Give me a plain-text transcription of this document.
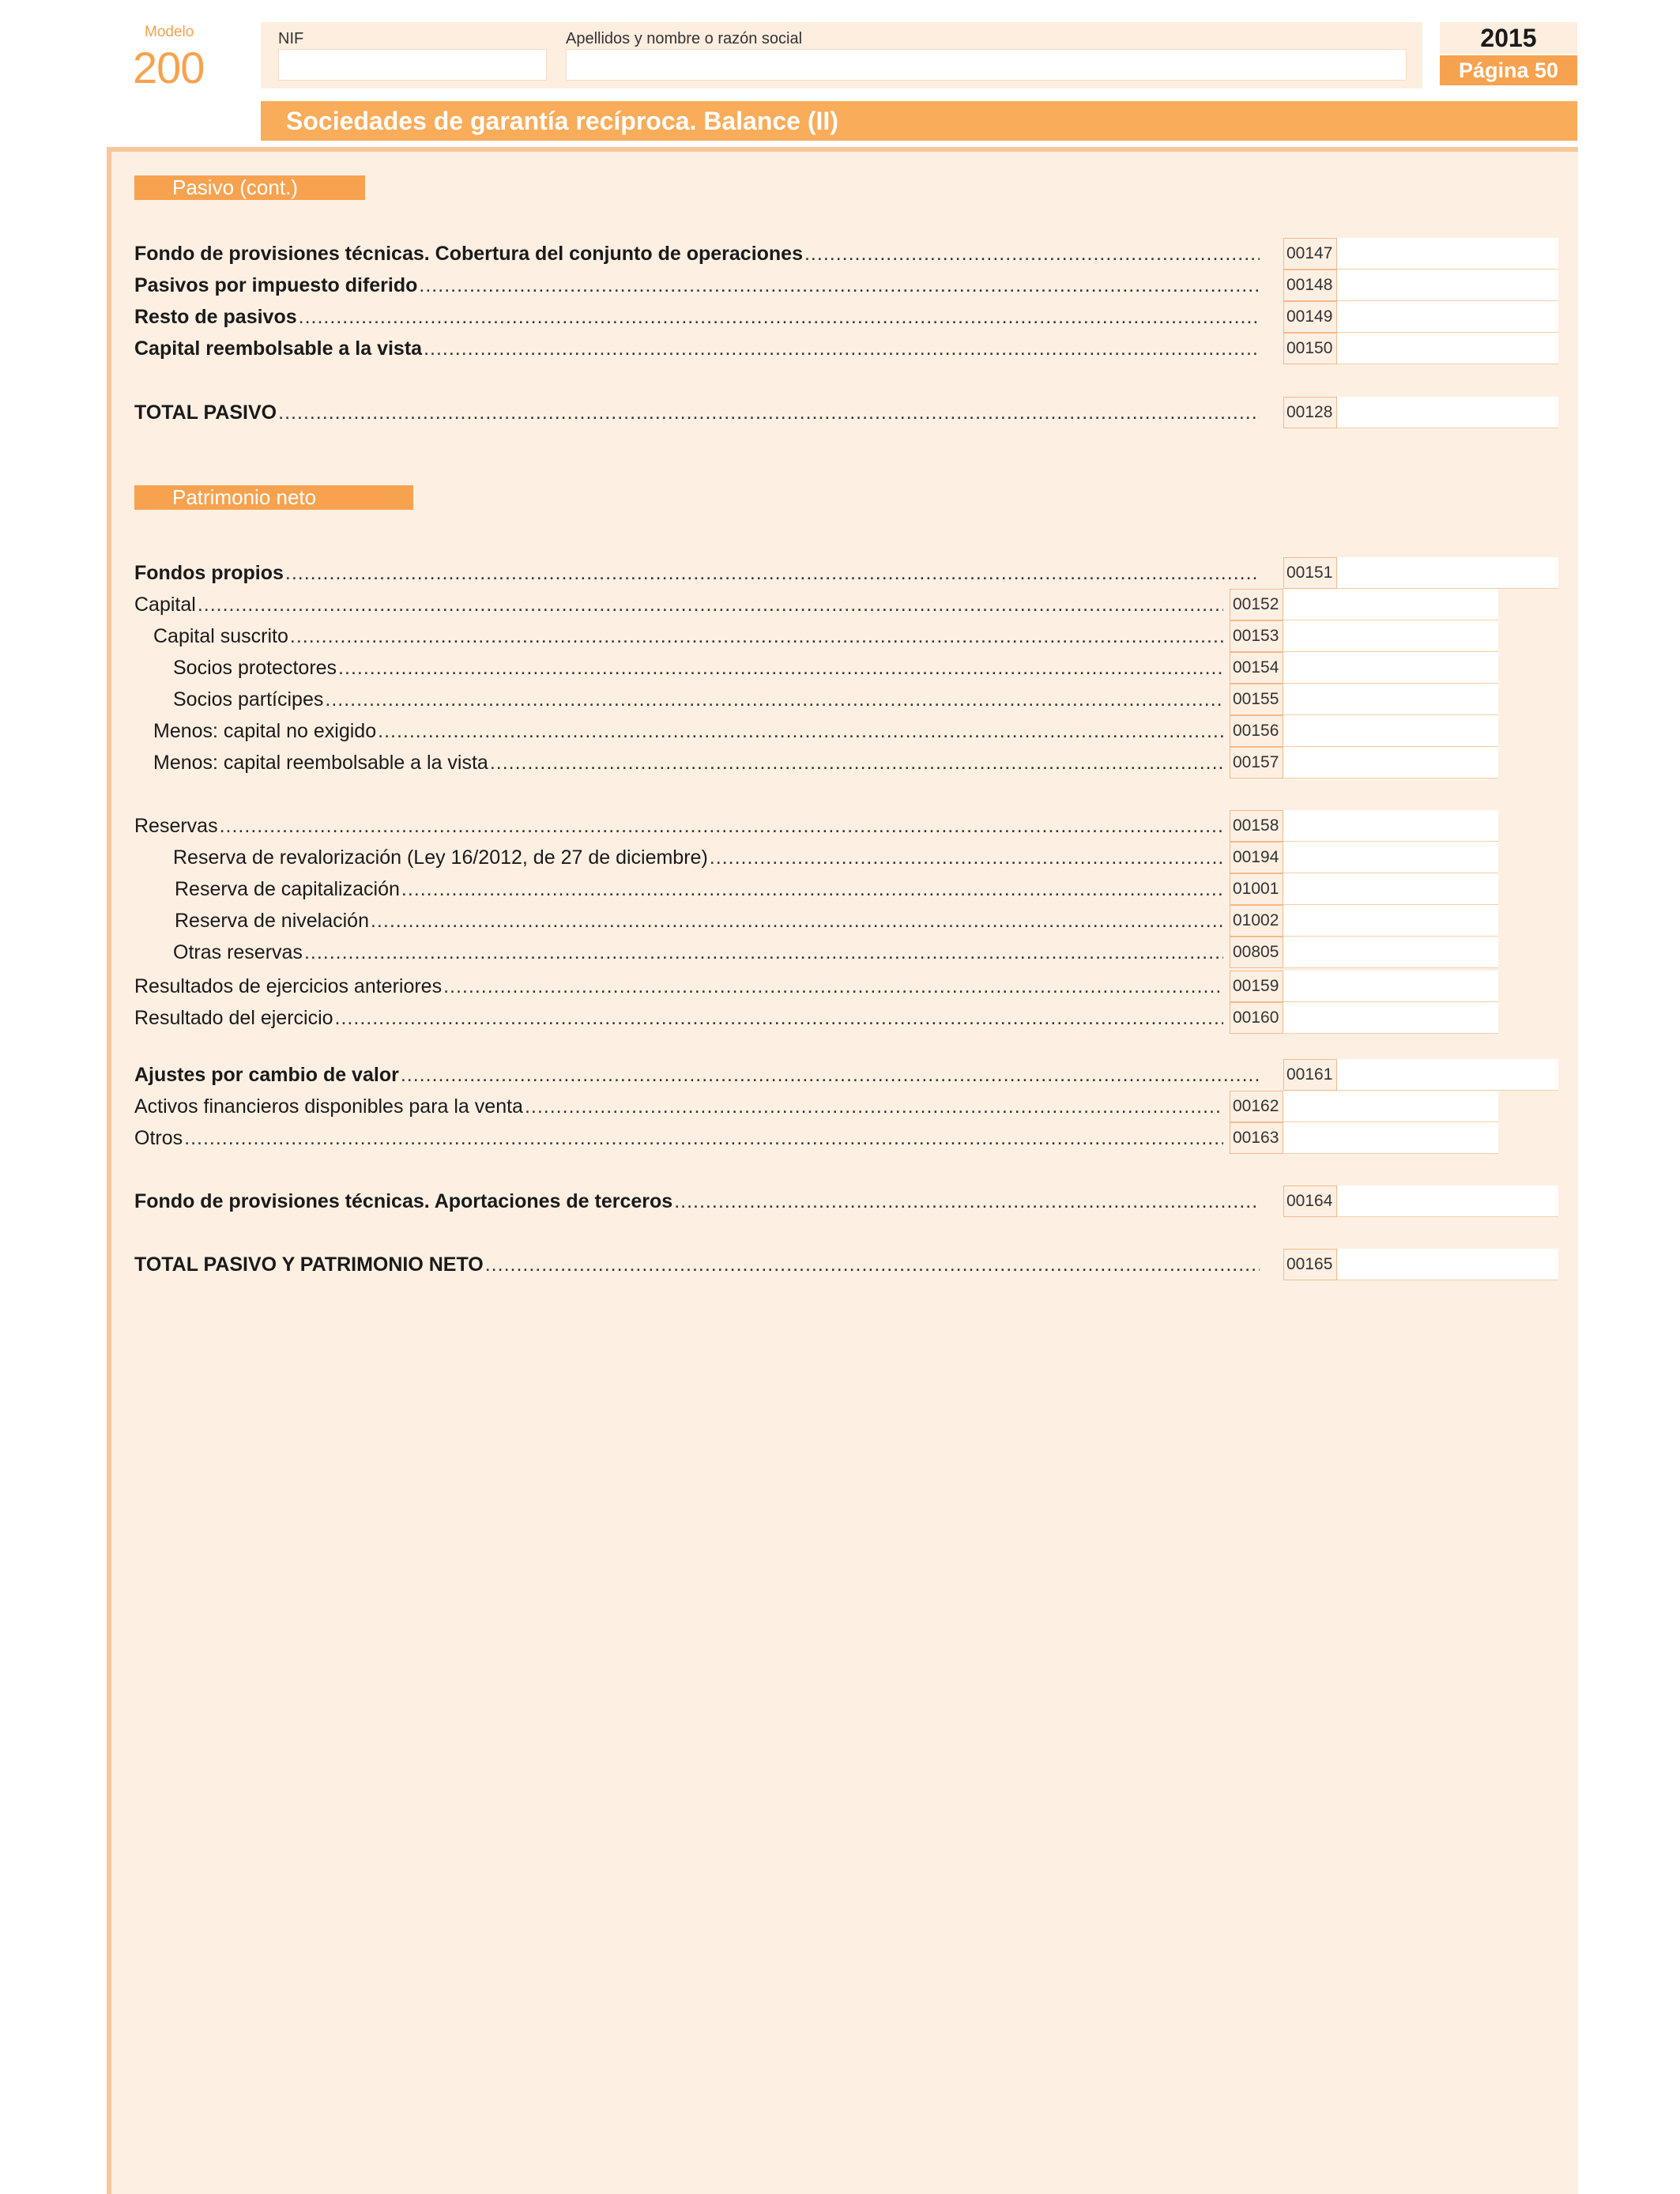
Modelo
200
NIF	Apellidos y nombre o razón social	2015
Página 50
Sociedades de garantía recíproca. Balance (II)
Pasivo (cont.)
Patrimonio neto
Fondo de provisiones técnicas. Cobertura del conjunto de operaciones .....	00147
Pasivos por impuesto diferido .....	00148
Resto de pasivos .....	00149
Capital reembolsable a la vista .....	00150
TOTAL PASIVO .....	00128
Fondos propios .....	00151
Capital .....	00152
Capital suscrito .....	00153
Socios protectores .....	00154
Socios partícipes .....	00155
Menos: capital no exigido .....	00156
Menos: capital reembolsable a la vista .....	00157
Reservas .....	00158
Reserva de revalorización (Ley 16/2012, de 27 de diciembre) .....	00194
Reserva de capitalización .....	01001
Reserva de nivelación .....	01002
Otras reservas .....	00805
Resultados de ejercicios anteriores .....	00159
Resultado del ejercicio .....	00160
Ajustes por cambio de valor .....	00161
Activos financieros disponibles para la venta .....	00162
Otros .....	00163
Fondo de provisiones técnicas. Aportaciones de terceros .....	00164
TOTAL PASIVO Y PATRIMONIO NETO .....	00165
